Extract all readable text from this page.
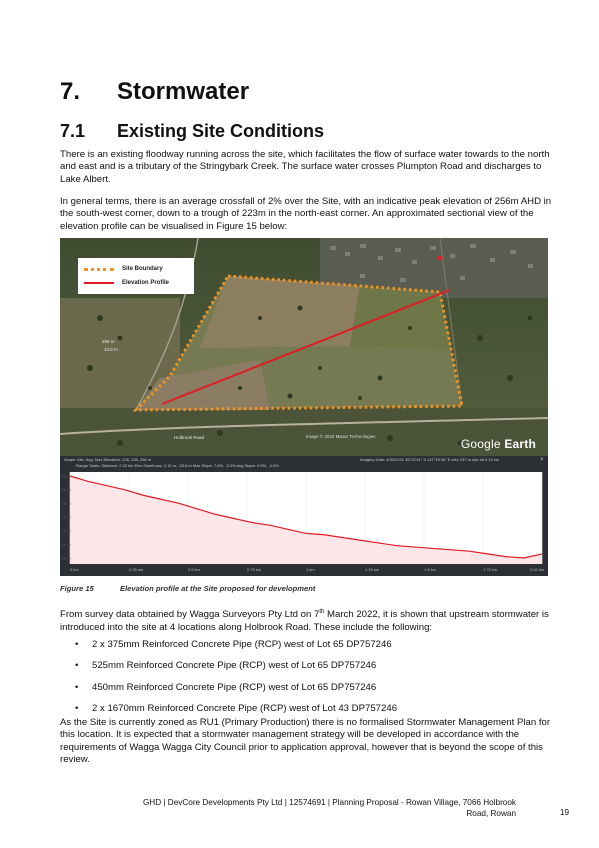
7. Stormwater
7.1 Existing Site Conditions

There is an existing floodway running across the site, which facilitates the flow of surface water towards to the north and east and is a tributary of the Stringybark Creek. The surface water crosses Plumpton Road and discharges to Lake Albert.

In general terms, there is an average crossfall of 2% over the Site, with an indicative peak elevation of 256m AHD in the south-west corner, down to a trough of 223m in the north-east corner. An approximated sectional view of the elevation profile can be visualised in Figure 15 below:

Site Boundary
Elevation Profile
256 m
13.8 m
Holbrook Road	Image © 2022 Maxar Technologies
Google Earth
Graph: Min, Avg, Max Elevation: 226, 238, 256 m
Range Totals: Distance: 2.02 km Elev Gain/Loss: 2.12 m, -33.6 m Max Slope: 7.6%, -5.2% Avg Slope: 0.5%, -2.0%
Imagery Date: 4/30/2021 35°10'41" S 147°19'45" E elev 237 m eye alt 2.24 km	×
256 m
250 m
245 m
240 m
235 m
230 m
226 m
0 km	0.25 km	0.5 km	0.75 km	1 km	1.25 km	1.5 km	1.75 km	2.02 km
Figure 15	Elevation profile at the Site proposed for development

From survey data obtained by Wagga Surveyors Pty Ltd on 7th March 2022, it is shown that upstream stormwater is introduced into the site at 4 locations along Holbrook Road. These include the following:

• 2 x 375mm Reinforced Concrete Pipe (RCP) west of Lot 65 DP757246
• 525mm Reinforced Concrete Pipe (RCP) west of Lot 65 DP757246
• 450mm Reinforced Concrete Pipe (RCP) west of Lot 65 DP757246
• 2 x 1670mm Reinforced Concrete Pipe (RCP) west of Lot 43 DP757246

As the Site is currently zoned as RU1 (Primary Production) there is no formalised Stormwater Management Plan for this location. It is expected that a stormwater management strategy will be developed in accordance with the requirements of Wagga Wagga City Council prior to application approval, however that is beyond the scope of this review.

GHD | DevCore Developments Pty Ltd | 12574691 | Planning Proposal - Rowan Village, 7066 Holbrook
Road, Rowan	19
